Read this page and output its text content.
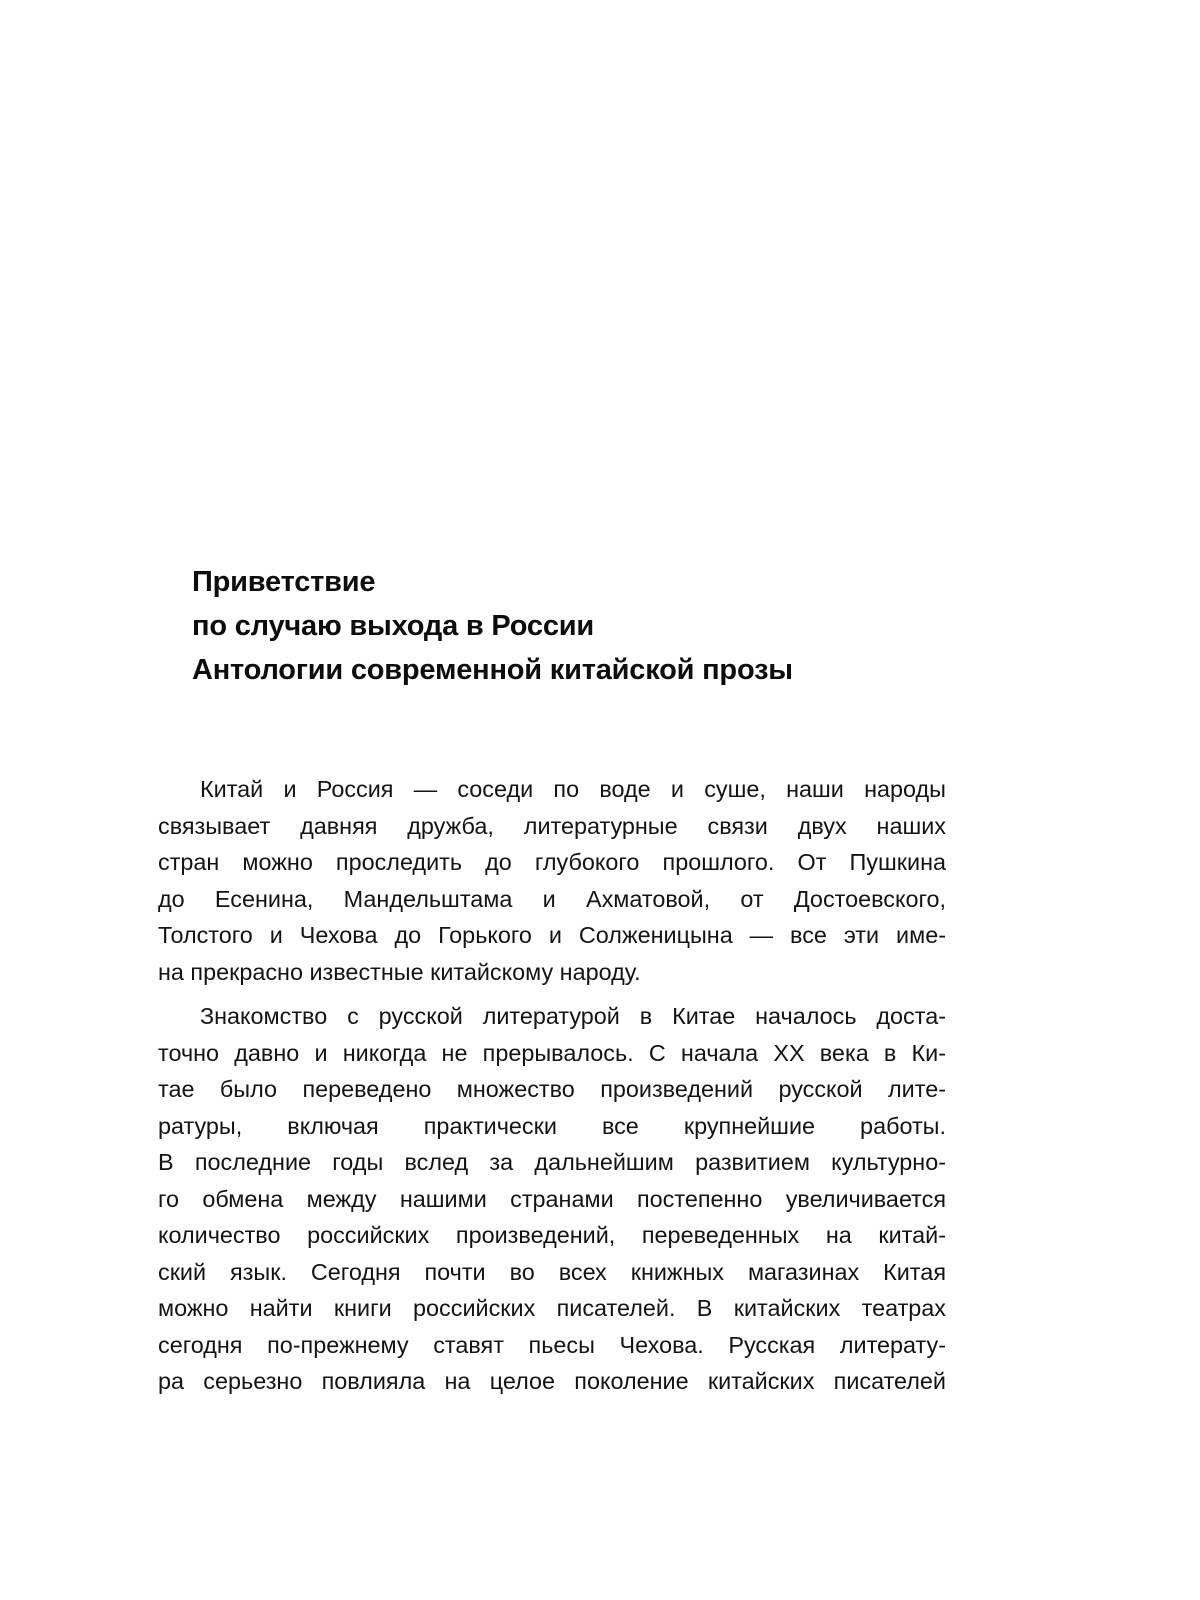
Приветствие
по случаю выхода в России
Антологии современной китайской прозы

Китай и Россия — соседи по воде и суше, наши народы
связывает давняя дружба, литературные связи двух наших
стран можно проследить до глубокого прошлого. От Пушкина
до Есенина, Мандельштама и Ахматовой, от Достоевского,
Толстого и Чехова до Горького и Солженицына — все эти име-
на прекрасно известные китайскому народу.

Знакомство с русской литературой в Китае началось доста-
точно давно и никогда не прерывалось. С начала XX века в Ки-
тае было переведено множество произведений русской лите-
ратуры, включая практически все крупнейшие работы.
В последние годы вслед за дальнейшим развитием культурно-
го обмена между нашими странами постепенно увеличивается
количество российских произведений, переведенных на китай-
ский язык. Сегодня почти во всех книжных магазинах Китая
можно найти книги российских писателей. В китайских театрах
сегодня по-прежнему ставят пьесы Чехова. Русская литерату-
ра серьезно повлияла на целое поколение китайских писателей
